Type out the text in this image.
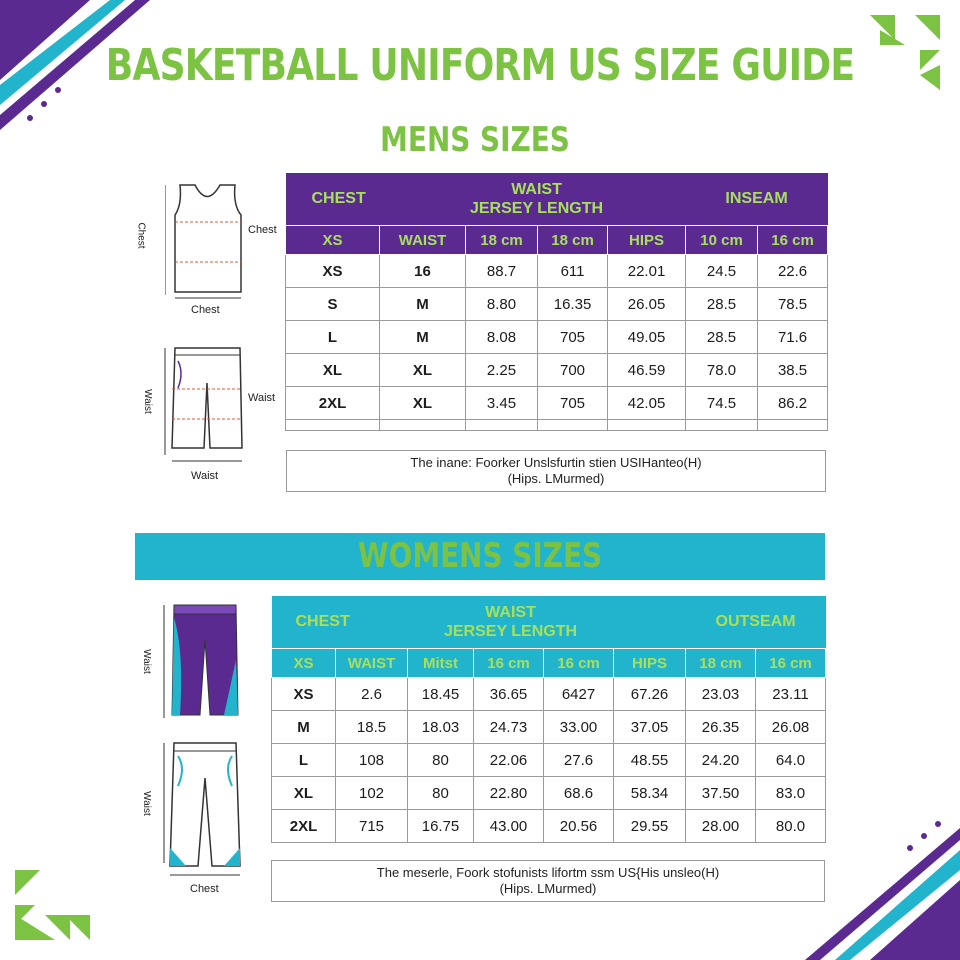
BASKETBALL UNIFORM US SIZE GUIDE
MENS SIZES
Chest	Chest
Chest
Waist	Waist
Waist
CHEST		WAIST
JERSEY LENGTH			INSEAM	
XS	WAIST	18 cm	18 cm	HIPS	10 cm	16 cm
XS	16	88.7	611	22.01	24.5	22.6
S	M	8.80	16.35	26.05	28.5	78.5
L	M	8.08	705	49.05	28.5	71.6
XL	XL	2.25	700	46.59	78.0	38.5
2XL	XL	3.45	705	42.05	74.5	86.2

The inane: Foorker Unslsfurtin stien USIHanteo(H)
(Hips. LMurmed)
WOMENS SIZES
Waist
Waist
Chest
CHEST		WAIST
JERSEY LENGTH				OUTSEAM	
XS	WAIST	Mitst	16 cm	16 cm	HIPS	18 cm	16 cm
XS	2.6	18.45	36.65	6427	67.26	23.03	23.11
M	18.5	18.03	24.73	33.00	37.05	26.35	26.08
L	108	80	22.06	27.6	48.55	24.20	64.0
XL	102	80	22.80	68.6	58.34	37.50	83.0
2XL	715	16.75	43.00	20.56	29.55	28.00	80.0
The meserle, Foork stofunists lifortm ssm US{His unsleo(H)
(Hips. LMurmed)
